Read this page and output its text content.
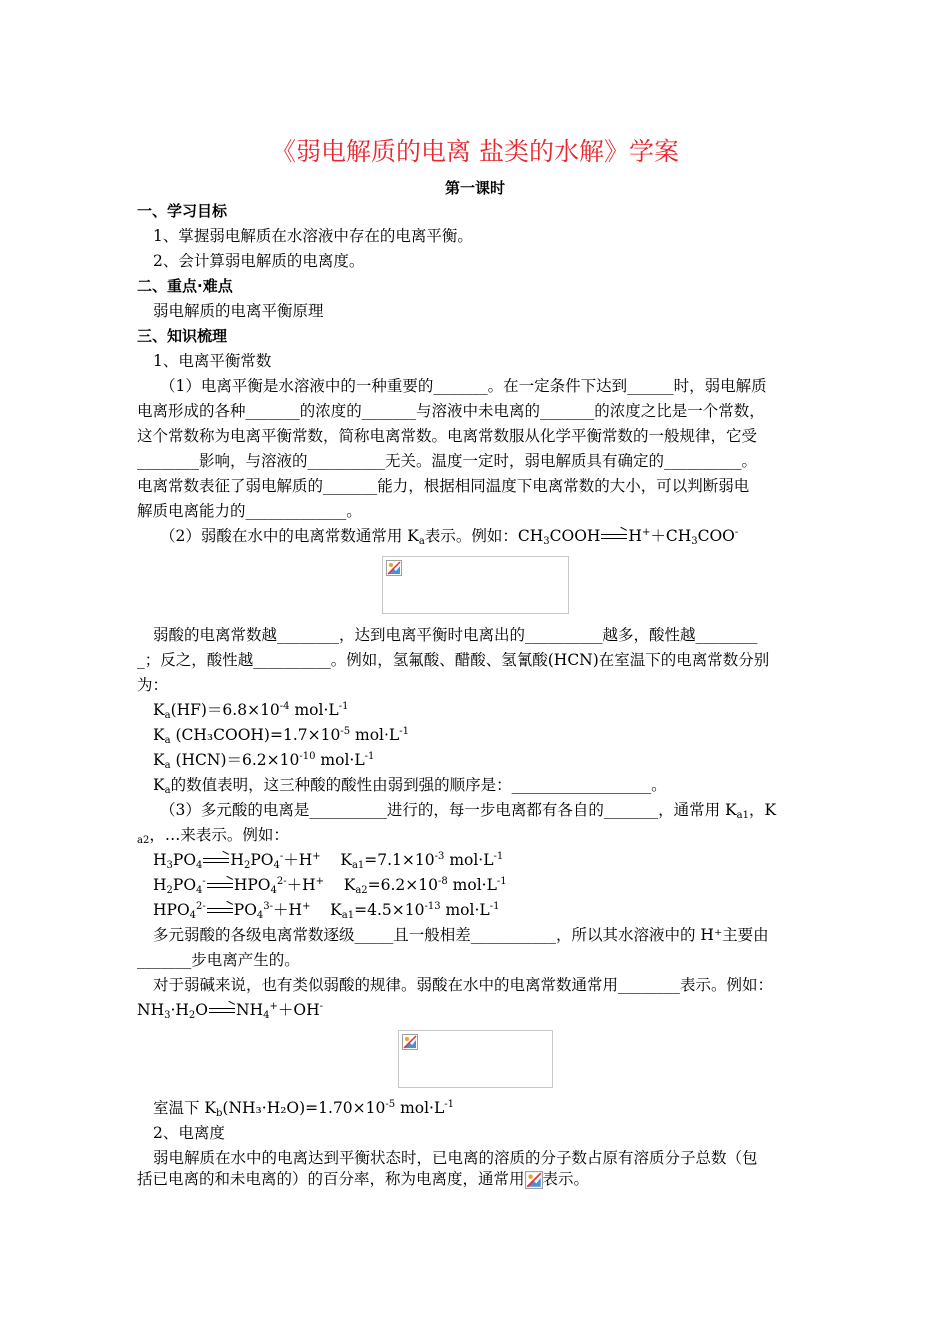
《弱电解质的电离 盐类的水解》学案
第一课时
一、学习目标
1、掌握弱电解质在水溶液中存在的电离平衡。
2、会计算弱电解质的电离度。
二、重点·难点
弱电解质的电离平衡原理
三、知识梳理
1、电离平衡常数
（1）电离平衡是水溶液中的一种重要的_______。在一定条件下达到______时，弱电解质
电离形成的各种_______的浓度的_______与溶液中未电离的_______的浓度之比是一个常数，
这个常数称为电离平衡常数，简称电离常数。电离常数服从化学平衡常数的一般规律，它受
________影响，与溶液的__________无关。温度一定时，弱电解质具有确定的__________。
电离常数表征了弱电解质的_______能力，根据相同温度下电离常数的大小，可以判断弱电
解质电离能力的_____________。
（2）弱酸在水中的电离常数通常用 $K_a$表示。例如：$CH_3COOH\to H^++CH_3COO^-$
弱酸的电离常数越________，达到电离平衡时电离出的__________越多，酸性越________
_；反之，酸性越__________。例如，氢氟酸、醋酸、氢氰酸(HCN)在室温下的电离常数分别
为：
$K_a(HF)=6.8\times 10^{-4}$ $mol\cdot L^{-1}$
$K_a$ $(CH_3COOH)=1.7\times 10^{-5}$ $mol\cdot L^{-1}$
$K_a$ $(HCN)=6.2\times 10^{-10}$ $mol\cdot L^{-1}$
$K_a$的数值表明，这三种酸的酸性由弱到强的顺序是：__________________。
（3）多元酸的电离是__________进行的，每一步电离都有各自的_______，通常用 $K_{a1}$，K
$_{a2}$，…来表示。例如：
$H_3PO_4\to H_2PO_4^-+H^+$    $K_{a1}=7.1\times 10^{-3}$ $mol\cdot L^{-1}$
$H_2PO_4^-\to HPO_4^{2-}+H^+$    $K_{a2}=6.2\times 10^{-8}$ $mol\cdot L^{-1}$
$HPO_4^{2-}\to PO_4^{3-}+H^+$    $K_{a1}=4.5\times 10^{-13}$ $mol\cdot L^{-1}$
多元弱酸的各级电离常数逐级_____且一般相差___________，所以其水溶液中的 H⁺主要由
_______步电离产生的。
对于弱碱来说，也有类似弱酸的规律。弱酸在水中的电离常数通常用________表示。例如：
$NH_3\cdot H_2O\to NH_4^++OH^-$
室温下 $K_b(NH_3\cdot H_2O)=1.70\times 10^{-5}$ $mol\cdot L^{-1}$
2、电离度
弱电解质在水中的电离达到平衡状态时，已电离的溶质的分子数占原有溶质分子总数（包
括已电离的和未电离的）的百分率，称为电离度，通常用 表示。
